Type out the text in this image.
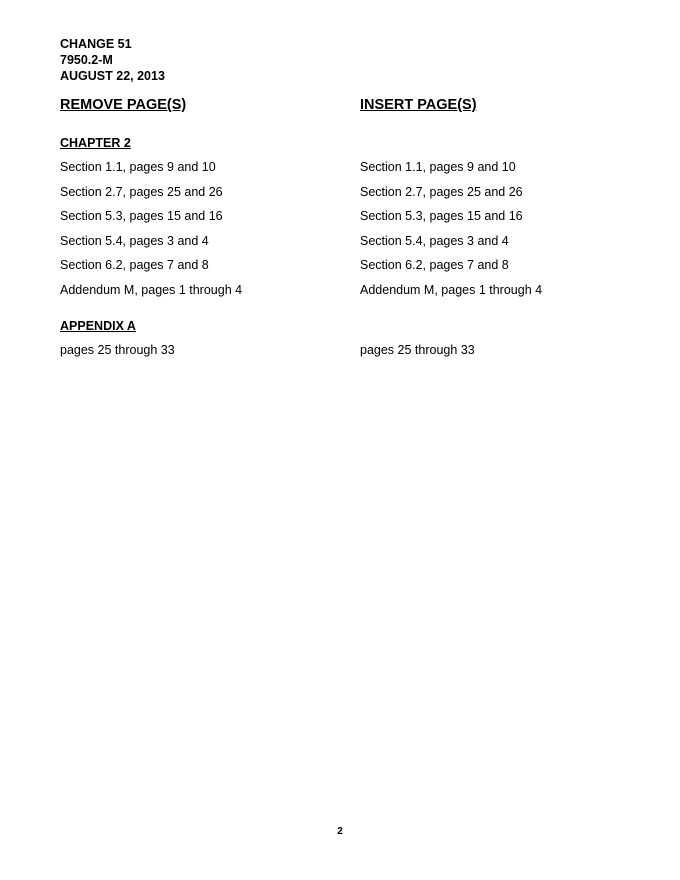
CHANGE 51
7950.2-M
AUGUST 22, 2013
REMOVE PAGE(S)
CHAPTER 2
Section 1.1, pages 9 and 10
Section 2.7, pages 25 and 26
Section 5.3, pages 15 and 16
Section 5.4, pages 3 and 4
Section 6.2, pages 7 and 8
Addendum M, pages 1 through 4
APPENDIX A
pages 25 through 33
INSERT PAGE(S)
Section 1.1, pages 9 and 10
Section 2.7, pages 25 and 26
Section 5.3, pages 15 and 16
Section 5.4, pages 3 and 4
Section 6.2, pages 7 and 8
Addendum M, pages 1 through 4
pages 25 through 33
2
